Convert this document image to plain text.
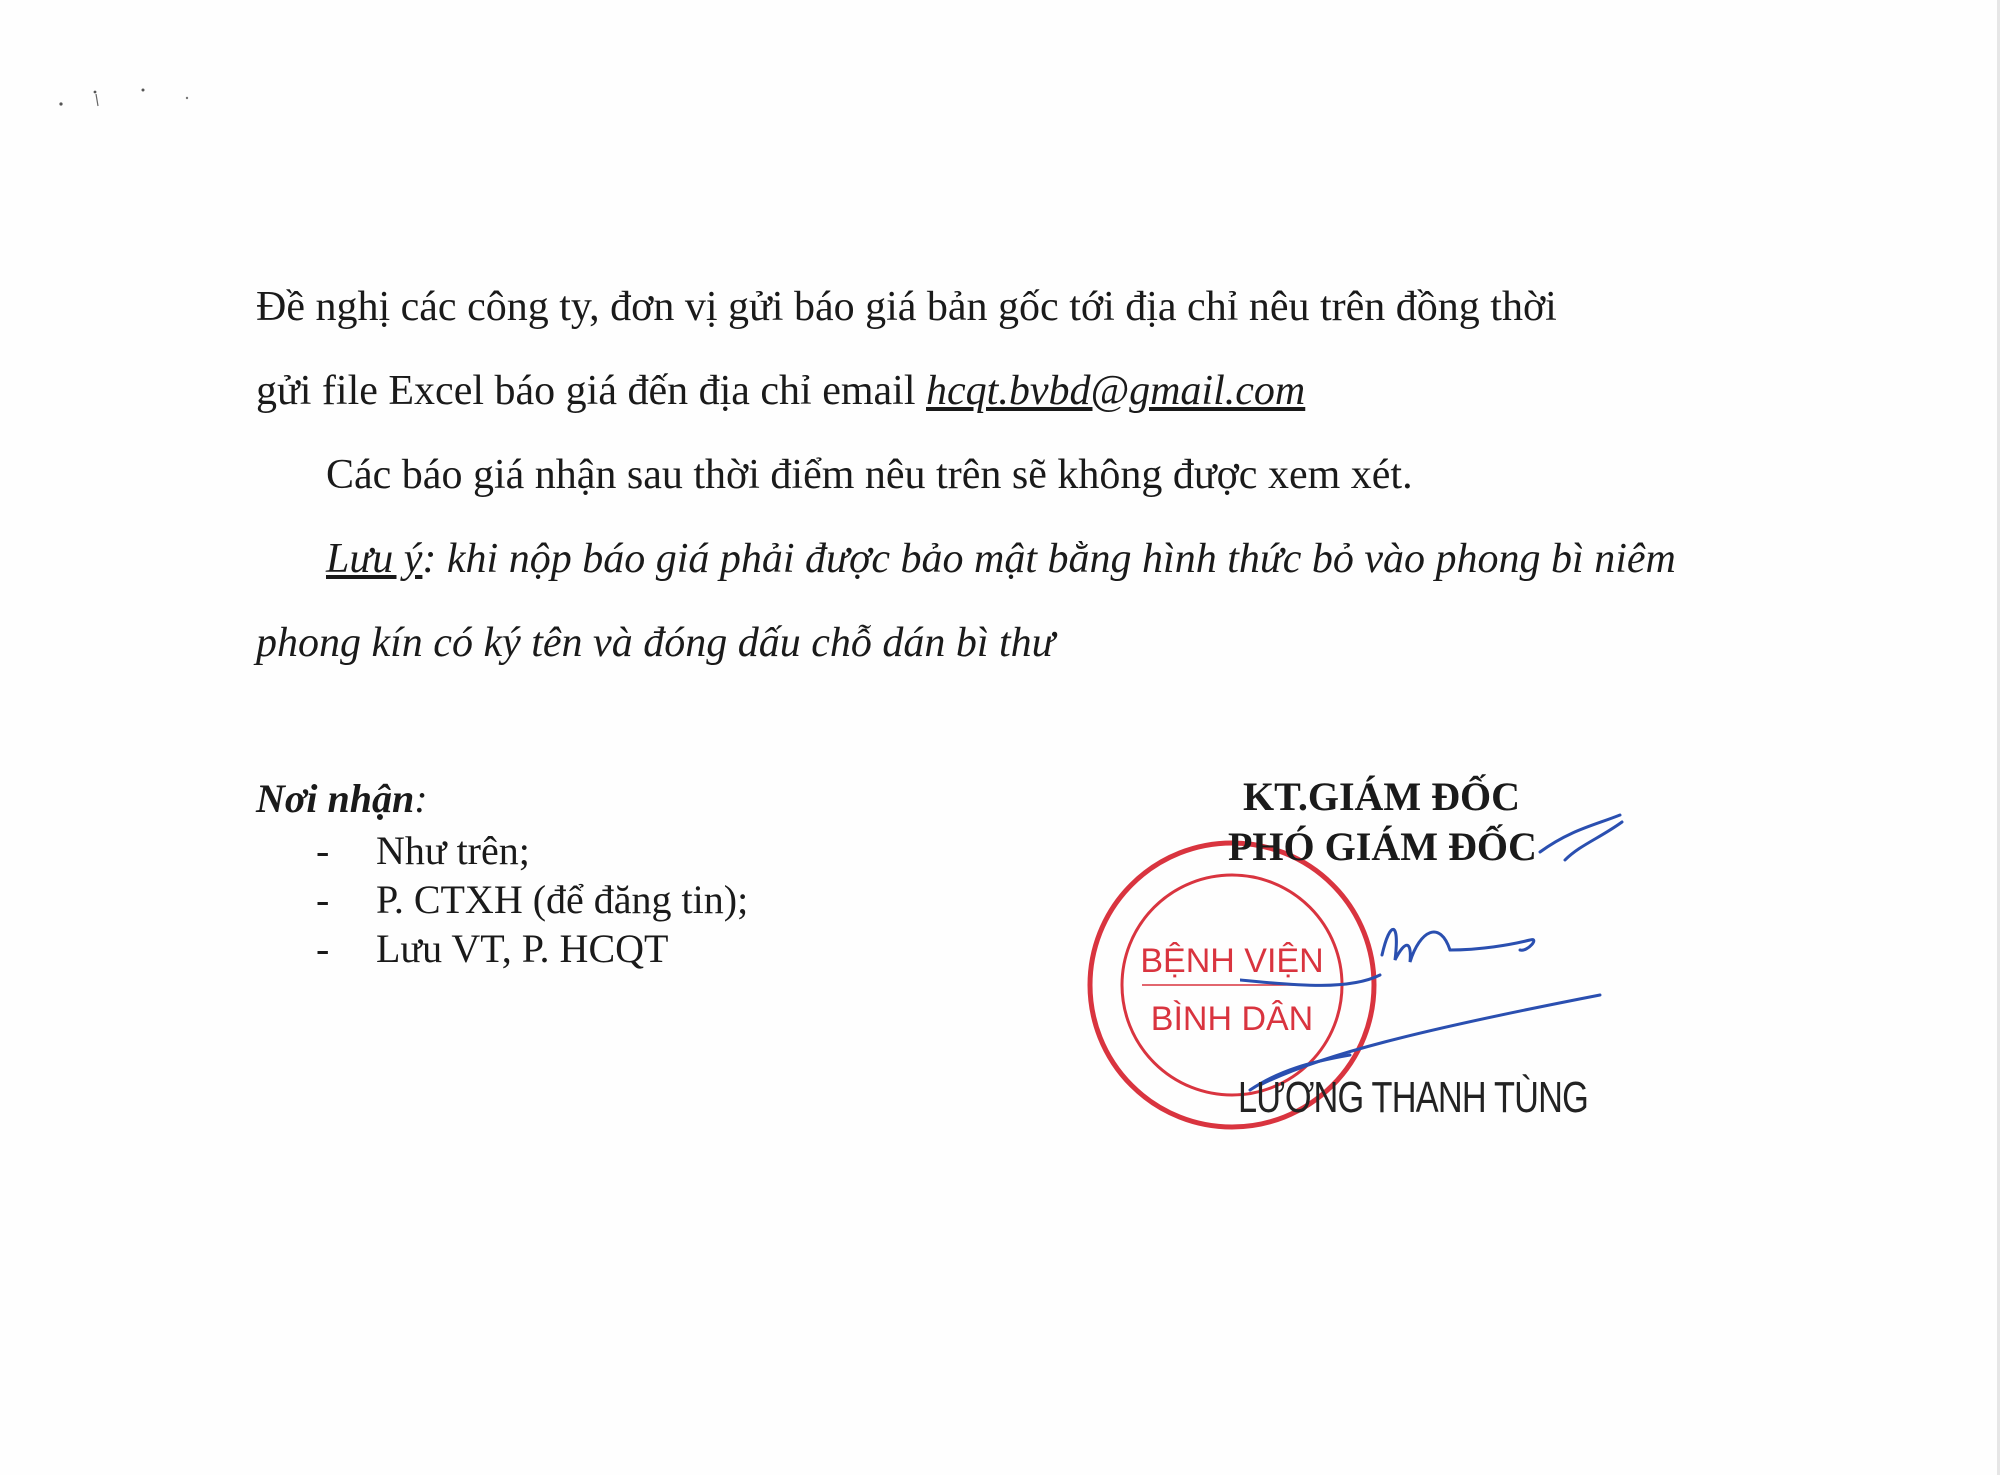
Đề nghị các công ty, đơn vị gửi báo giá bản gốc tới địa chỉ nêu trên đồng thời

gửi file Excel báo giá đến địa chỉ email hcqt.bvbd@gmail.com

Các báo giá nhận sau thời điểm nêu trên sẽ không được xem xét.

Lưu ý: khi nộp báo giá phải được bảo mật bằng hình thức bỏ vào phong bì niêm

phong kín có ký tên và đóng dấu chỗ dán bì thư

Nơi nhận:

- Như trên;
- P. CTXH (để đăng tin);
- Lưu VT, P. HCQT	BỆNH VIỆN
BÌNH DÂN

KT.GIÁM ĐỐC

PHÓ GIÁM ĐỐC

LƯƠNG THANH TÙNG
